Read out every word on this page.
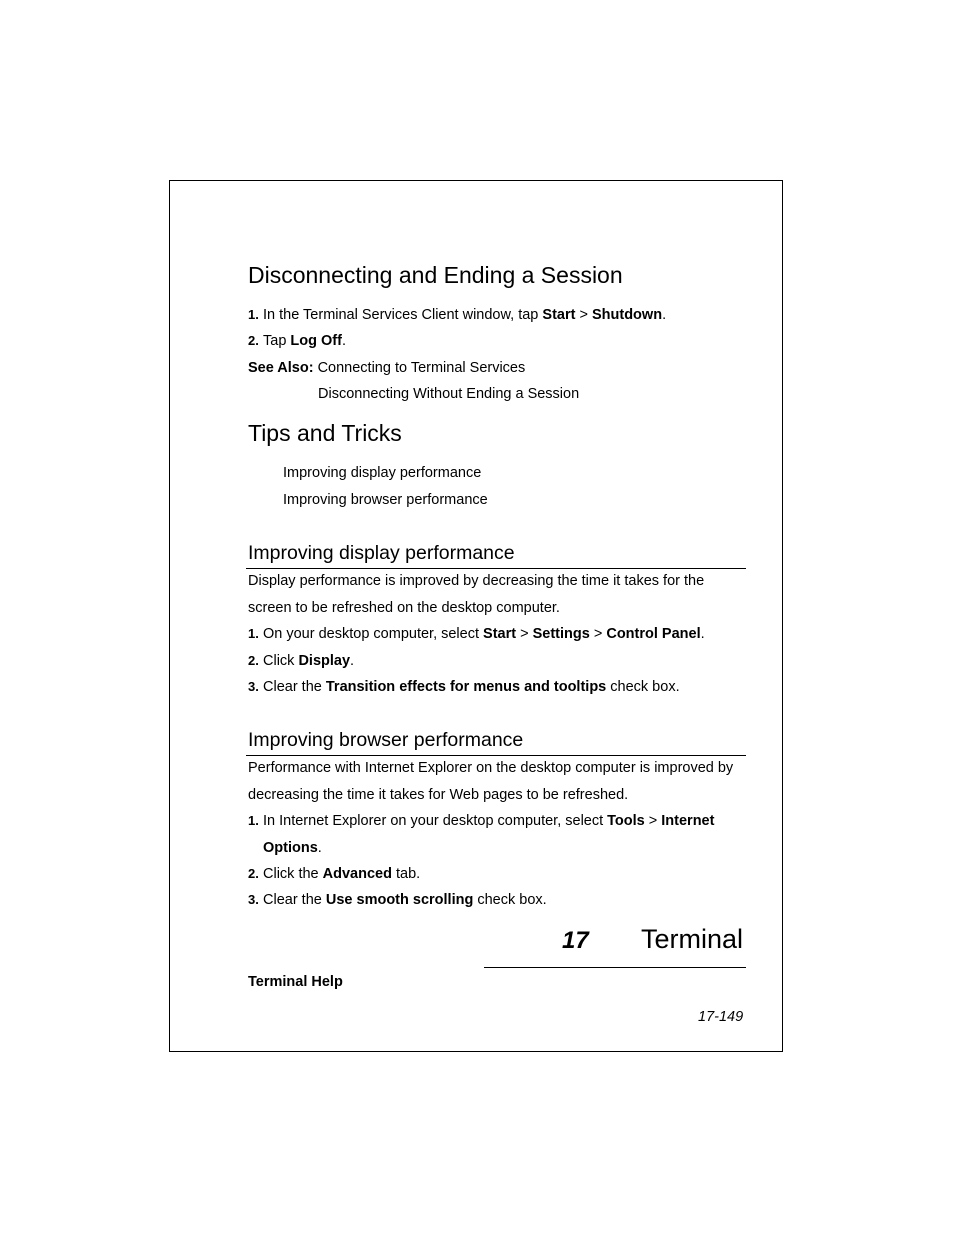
Disconnecting and Ending a Session
1. In the Terminal Services Client window, tap Start > Shutdown.
2. Tap Log Off.
See Also: Connecting to Terminal Services
Disconnecting Without Ending a Session
Tips and Tricks
Improving display performance
Improving browser performance
Improving display performance
Display performance is improved by decreasing the time it takes for the
screen to be refreshed on the desktop computer.
1. On your desktop computer, select Start > Settings > Control Panel.
2. Click Display.
3. Clear the Transition effects for menus and tooltips check box.
Improving browser performance
Performance with Internet Explorer on the desktop computer is improved by
decreasing the time it takes for Web pages to be refreshed.
1. In Internet Explorer on your desktop computer, select Tools > Internet
Options.
2. Click the Advanced tab.
3. Clear the Use smooth scrolling check box.
17 Terminal
Terminal Help
17-149
